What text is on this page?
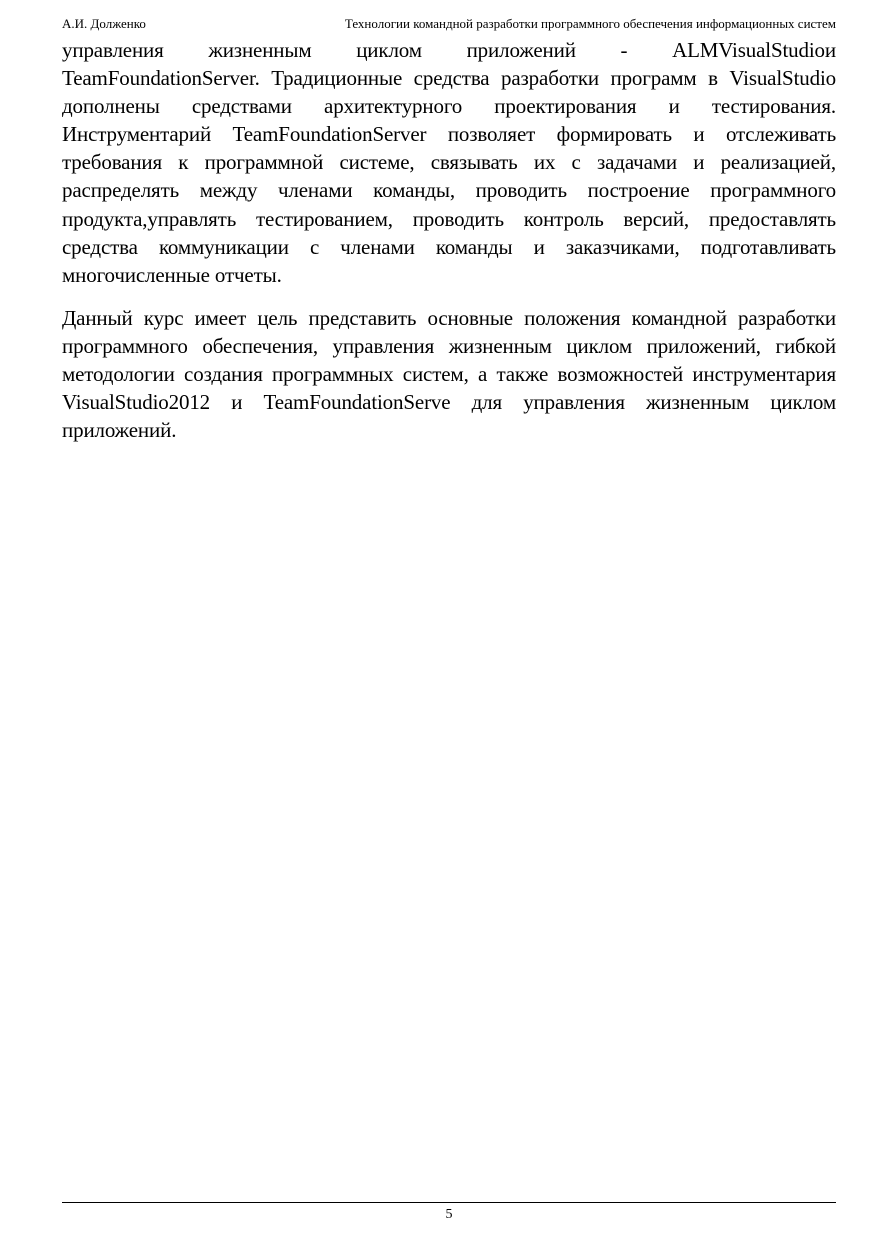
А.И. Долженко	Технологии командной разработки программного обеспечения информационных систем

управления жизненным циклом приложений - ALMVisualStudioи TeamFoundationServer. Традиционные средства разработки программ в VisualStudio дополнены средствами архитектурного проектирования и тестирования. Инструментарий TeamFoundationServer позволяет формировать и отслеживать требования к программной системе, связывать их с задачами и реализацией, распределять между членами команды, проводить построение программного продукта,управлять тестированием, проводить контроль версий, предоставлять средства коммуникации с членами команды и заказчиками, подготавливать многочисленные отчеты.

Данный курс имеет цель представить основные положения командной разработки программного обеспечения, управления жизненным циклом приложений, гибкой методологии создания программных систем, а также возможностей инструментария VisualStudio2012 и TeamFoundationServe для управления жизненным циклом приложений.

5
